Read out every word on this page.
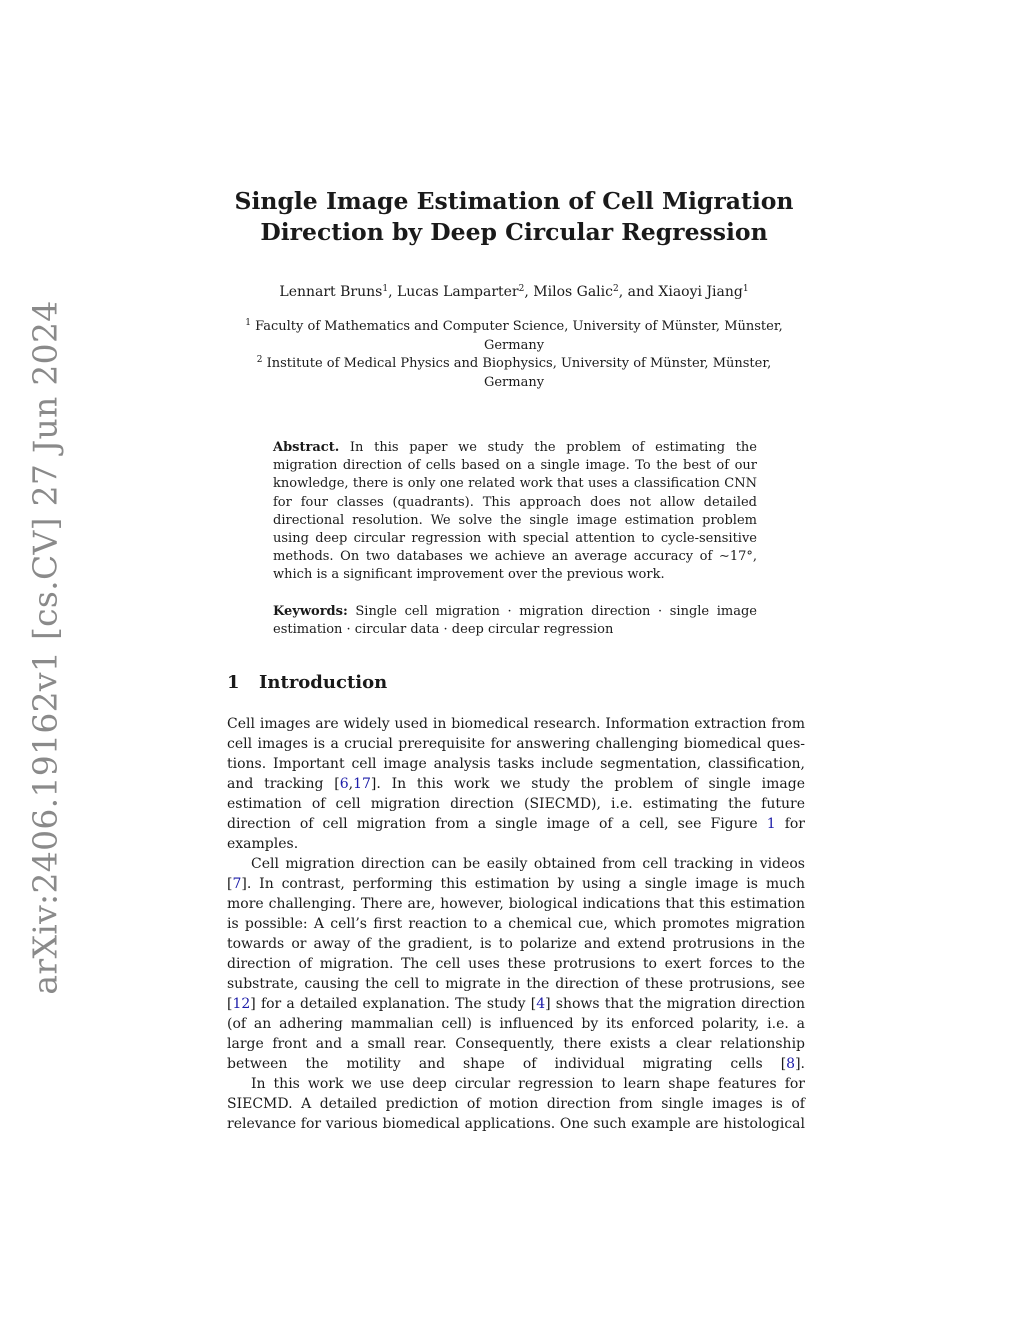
arXiv:2406.19162v1 [cs.CV] 27 Jun 2024
Single Image Estimation of Cell Migration
Direction by Deep Circular Regression
Lennart Bruns$^1$, Lucas Lamparter$^2$, Milos Galic$^2$, and Xiaoyi Jiang$^1$
$^1$ Faculty of Mathematics and Computer Science, University of Münster, Münster,
Germany
$^2$ Institute of Medical Physics and Biophysics, University of Münster, Münster,
Germany

Abstract. In this paper we study the problem of estimating the migration direction of cells based on a single image. To the best of our knowledge, there is only one related work that uses a classification CNN for four classes (quadrants). This approach does not allow detailed directional resolution. We solve the single image estimation problem using deep circular regression with special attention to cycle-sensitive methods. On two databases we achieve an average accuracy of ∼17°, which is a significant improvement over the previous work.

Keywords: Single cell migration · migration direction · single image estimation · circular data · deep circular regression

1 Introduction

Cell images are widely used in biomedical research. Information extraction from cell images is a crucial prerequisite for answering challenging biomedical ques- tions. Important cell image analysis tasks include segmentation, classification, and tracking [6,17]. In this work we study the problem of single image estimation of cell migration direction (SIECMD), i.e. estimating the future direction of cell migration from a single image of a cell, see Figure 1 for examples.

Cell migration direction can be easily obtained from cell tracking in videos [7]. In contrast, performing this estimation by using a single image is much more challenging. There are, however, biological indications that this estimation is possible: A cell’s first reaction to a chemical cue, which promotes migration towards or away of the gradient, is to polarize and extend protrusions in the direction of migration. The cell uses these protrusions to exert forces to the substrate, causing the cell to migrate in the direction of these protrusions, see [12] for a detailed explanation. The study [4] shows that the migration direction (of an adhering mammalian cell) is influenced by its enforced polarity, i.e. a large front and a small rear. Consequently, there exists a clear relationship between the motility and shape of individual migrating cells [8].

In this work we use deep circular regression to learn shape features for SIECMD. A detailed prediction of motion direction from single images is of relevance for various biomedical applications. One such example are histological
